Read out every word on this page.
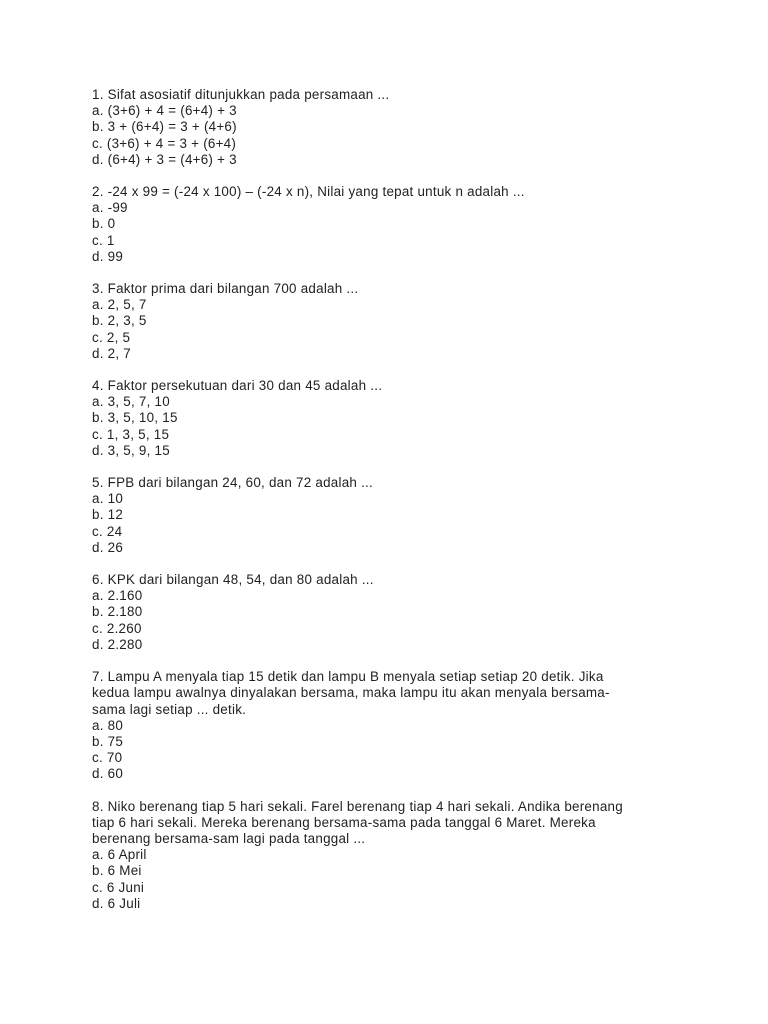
1. Sifat asosiatif ditunjukkan pada persamaan ...
a. (3+6) + 4 = (6+4) + 3
b. 3 + (6+4) = 3 + (4+6)
c. (3+6) + 4 = 3 + (6+4)
d. (6+4) + 3 = (4+6) + 3
2. -24 x 99 = (-24 x 100) – (-24 x n), Nilai yang tepat untuk n adalah ...
a. -99
b. 0
c. 1
d. 99
3. Faktor prima dari bilangan 700 adalah ...
a. 2, 5, 7
b. 2, 3, 5
c. 2, 5
d. 2, 7
4. Faktor persekutuan dari 30 dan 45 adalah ...
a. 3, 5, 7, 10
b. 3, 5, 10, 15
c. 1, 3, 5, 15
d. 3, 5, 9, 15
5. FPB dari bilangan 24, 60, dan 72 adalah ...
a. 10
b. 12
c. 24
d. 26
6. KPK dari bilangan 48, 54, dan 80 adalah ...
a. 2.160
b. 2.180
c. 2.260
d. 2.280
7. Lampu A menyala tiap 15 detik dan lampu B menyala setiap setiap 20 detik. Jika
kedua lampu awalnya dinyalakan bersama, maka lampu itu akan menyala bersama-
sama lagi setiap ... detik.
a. 80
b. 75
c. 70
d. 60
8. Niko berenang tiap 5 hari sekali. Farel berenang tiap 4 hari sekali. Andika berenang
tiap 6 hari sekali. Mereka berenang bersama-sama pada tanggal 6 Maret. Mereka
berenang bersama-sam lagi pada tanggal ...
a. 6 April
b. 6 Mei
c. 6 Juni
d. 6 Juli
